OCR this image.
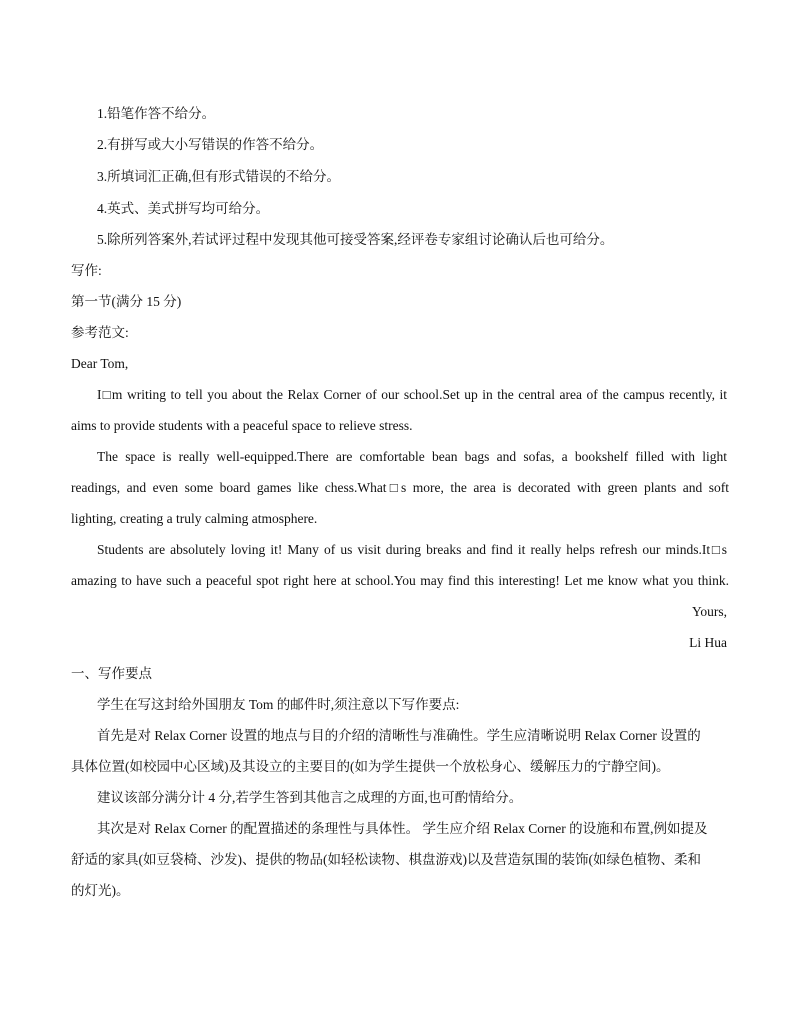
1.铅笔作答不给分。
2.有拼写或大小写错误的作答不给分。
3.所填词汇正确,但有形式错误的不给分。
4.英式、美式拼写均可给分。
5.除所列答案外,若试评过程中发现其他可接受答案,经评卷专家组讨论确认后也可给分。
写作:
第一节(满分 15 分)
参考范文:
Dear Tom,
I□m writing to tell you about the Relax Corner of our school.Set up in the central area of the campus recently, it
aims to provide students with a peaceful space to relieve stress.
The space is really well-equipped.There are comfortable bean bags and sofas, a bookshelf filled with light
readings, and even some board games like chess.What□s more, the area is decorated with green plants and soft
lighting, creating a truly calming atmosphere.
Students are absolutely loving it! Many of us visit during breaks and find it really helps refresh our minds.It□s
amazing to have such a peaceful spot right here at school.You may find this interesting! Let me know what you think.
Yours,
Li Hua
一、写作要点
学生在写这封给外国朋友 Tom 的邮件时,须注意以下写作要点:
首先是对 Relax Corner 设置的地点与目的介绍的清晰性与准确性。学生应清晰说明 Relax Corner 设置的
具体位置(如校园中心区域)及其设立的主要目的(如为学生提供一个放松身心、缓解压力的宁静空间)。
建议该部分满分计 4 分,若学生答到其他言之成理的方面,也可酌情给分。
其次是对 Relax Corner 的配置描述的条理性与具体性。 学生应介绍 Relax Corner 的设施和布置,例如提及
舒适的家具(如豆袋椅、沙发)、提供的物品(如轻松读物、棋盘游戏)以及营造氛围的装饰(如绿色植物、柔和
的灯光)。
